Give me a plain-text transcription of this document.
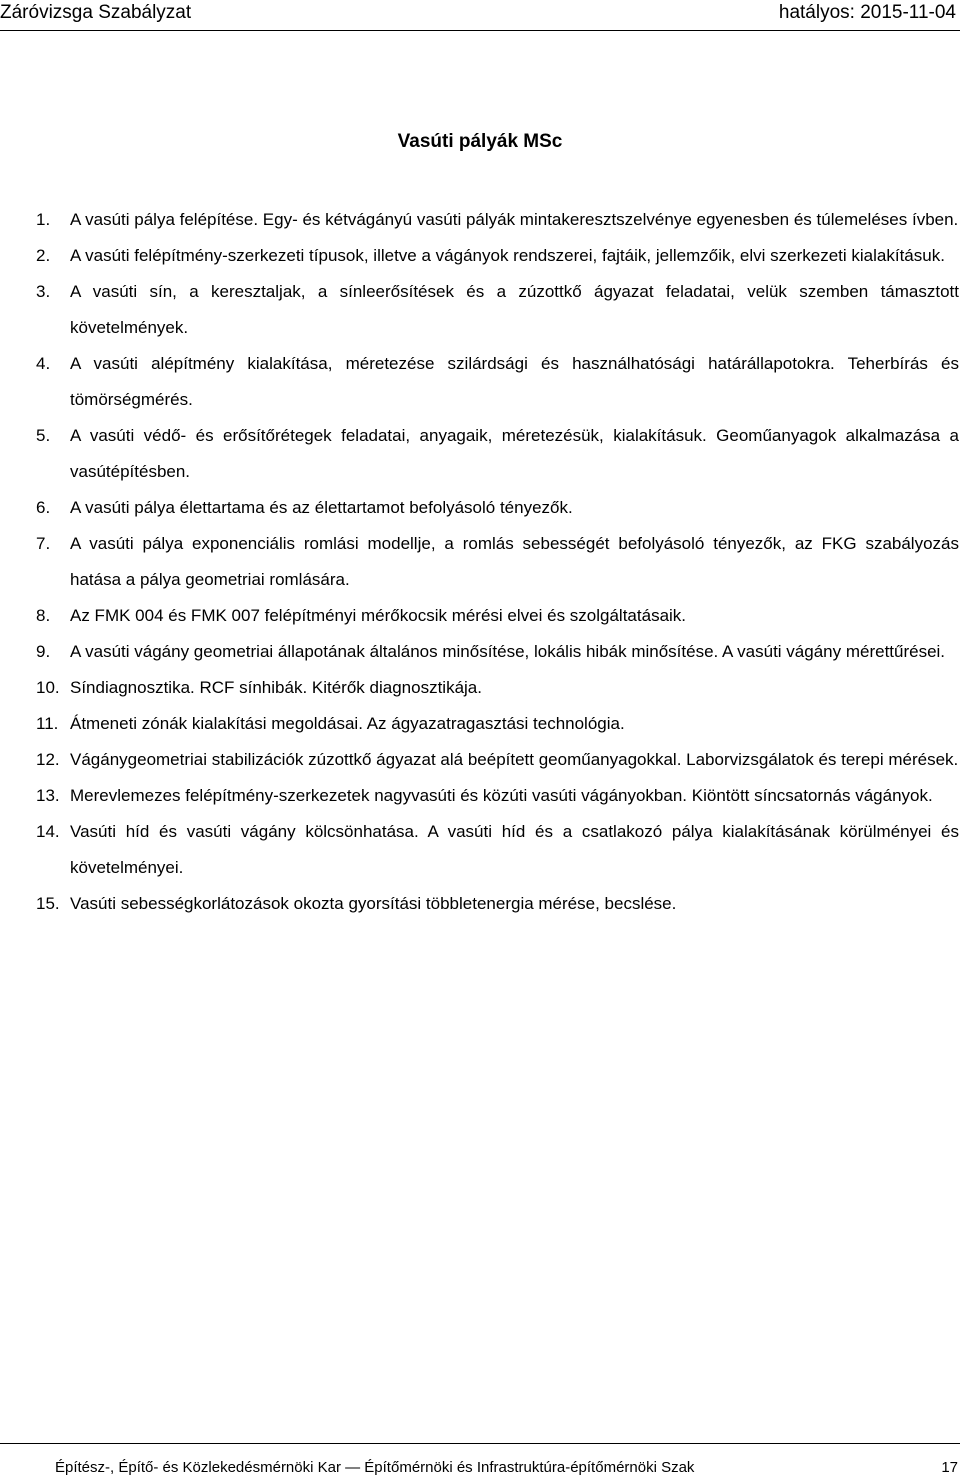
Záróvizsga Szabályzat	hatályos: 2015-11-04
Vasúti pályák MSc
1.	A vasúti pálya felépítése. Egy- és kétvágányú vasúti pályák mintakeresztszelvénye egyenesben és túlemeléses ívben.
2.	A vasúti felépítmény-szerkezeti típusok, illetve a vágányok rendszerei, fajtáik, jellemzőik, elvi szerkezeti kialakításuk.
3.	A vasúti sín, a keresztaljak, a sínleerősítések és a zúzottkő ágyazat feladatai, velük szemben támasztott követelmények.
4.	A vasúti alépítmény kialakítása, méretezése szilárdsági és használhatósági határállapotokra. Teherbírás és tömörségmérés.
5.	A vasúti védő- és erősítőrétegek feladatai, anyagaik, méretezésük, kialakításuk. Geoműanyagok alkalmazása a vasútépítésben.
6.	A vasúti pálya élettartama és az élettartamot befolyásoló tényezők.
7.	A vasúti pálya exponenciális romlási modellje, a romlás sebességét befolyásoló tényezők, az FKG szabályozás hatása a pálya geometriai romlására.
8.	Az FMK 004 és FMK 007 felépítményi mérőkocsik mérési elvei és szolgáltatásaik.
9.	A vasúti vágány geometriai állapotának általános minősítése, lokális hibák minősítése. A vasúti vágány mérettűrései.
10. Síndiagnosztika. RCF sínhibák. Kitérők diagnosztikája.
11. Átmeneti zónák kialakítási megoldásai. Az ágyazatragasztási technológia.
12. Vágánygeometriai stabilizációk zúzottkő ágyazat alá beépített geoműanyagokkal. Laborvizsgálatok és terepi mérések.
13. Merevlemezes felépítmény-szerkezetek nagyvasúti és közúti vasúti vágányokban. Kiöntött síncsatornás vágányok.
14. Vasúti híd és vasúti vágány kölcsönhatása. A vasúti híd és a csatlakozó pálya kialakításának körülményei és követelményei.
15. Vasúti sebességkorlátozások okozta gyorsítási többletenergia mérése, becslése.
Építész-, Építő- és Közlekedésmérnöki Kar ― Építőmérnöki és Infrastruktúra-építőmérnöki Szak	17
